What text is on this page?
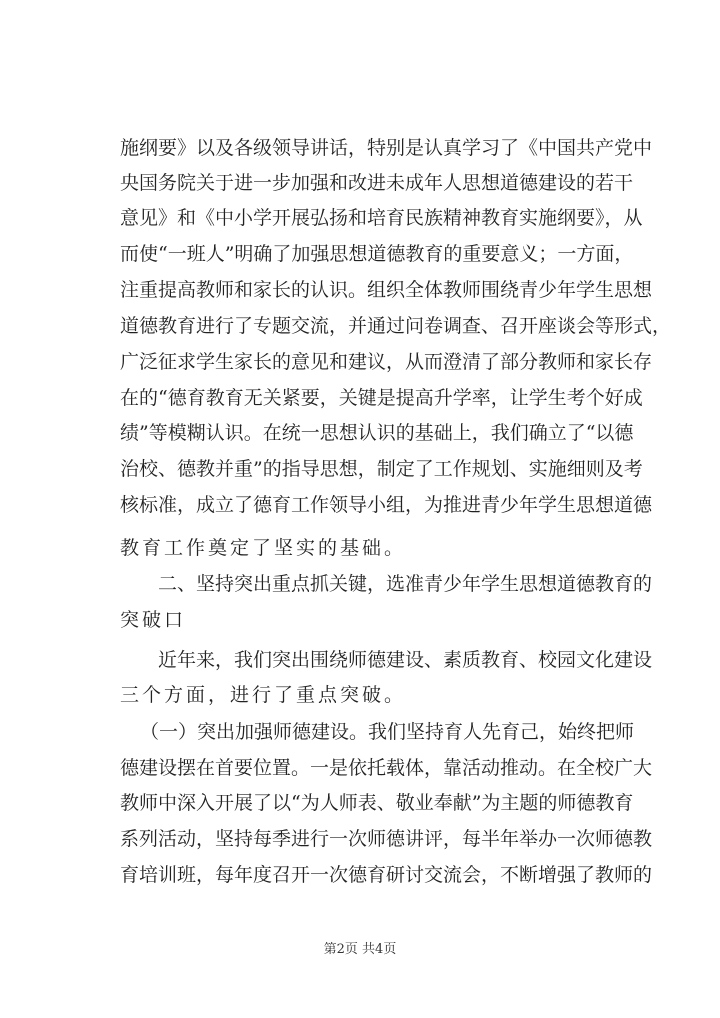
施纲要》以及各级领导讲话，特别是认真学习了《中国共产党中
央国务院关于进一步加强和改进未成年人思想道德建设的若干
意见》和《中小学开展弘扬和培育民族精神教育实施纲要》，从
而使“一班人”明确了加强思想道德教育的重要意义；一方面，
注重提高教师和家长的认识。组织全体教师围绕青少年学生思想
道德教育进行了专题交流，并通过问卷调查、召开座谈会等形式，
广泛征求学生家长的意见和建议，从而澄清了部分教师和家长存
在的“德育教育无关紧要，关键是提高升学率，让学生考个好成
绩”等模糊认识。在统一思想认识的基础上，我们确立了“以德
治校、德教并重”的指导思想，制定了工作规划、实施细则及考
核标准，成立了德育工作领导小组，为推进青少年学生思想道德
教育工作奠定了坚实的基础。
二、坚持突出重点抓关键，选准青少年学生思想道德教育的
突破口
近年来，我们突出围绕师德建设、素质教育、校园文化建设
三个方面，进行了重点突破。
（一）突出加强师德建设。我们坚持育人先育己，始终把师
德建设摆在首要位置。一是依托载体，靠活动推动。在全校广大
教师中深入开展了以“为人师表、敬业奉献”为主题的师德教育
系列活动，坚持每季进行一次师德讲评，每半年举办一次师德教
育培训班，每年度召开一次德育研讨交流会，不断增强了教师的
第2页 共4页
